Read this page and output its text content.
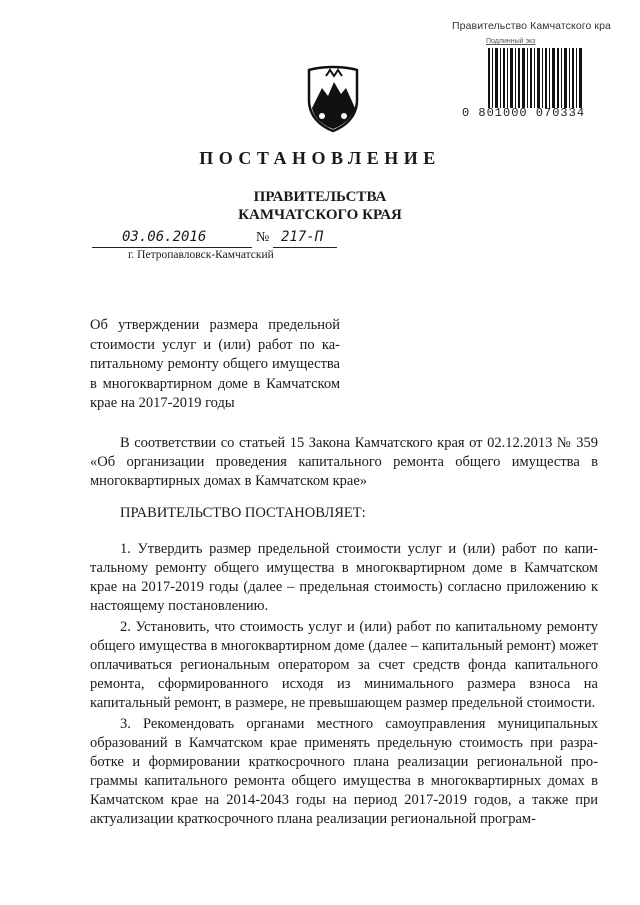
Правительство Камчатского кра
Подлинный экз
0 801000 070334
ПОСТАНОВЛЕНИЕ
ПРАВИТЕЛЬСТВА
КАМЧАТСКОГО КРАЯ
03.06.2016	№ 217-П
г. Петропавловск-Камчатский
Об утверждении размера предельной стоимости услуг и (или) работ по капитальному ремонту общего имущества в многоквартирном доме в Камчатском крае на 2017-2019 годы

В соответствии со статьей 15 Закона Камчатского края от 02.12.2013 № 359 «Об организации проведения капитального ремонта общего имущества в многоквартирных домах в Камчатском крае»

ПРАВИТЕЛЬСТВО ПОСТАНОВЛЯЕТ:

1. Утвердить размер предельной стоимости услуг и (или) работ по капитальному ремонту общего имущества в многоквартирном доме в Камчатском крае на 2017-2019 годы (далее – предельная стоимость) согласно приложению к настоящему постановлению.

2. Установить, что стоимость услуг и (или) работ по капитальному ремонту общего имущества в многоквартирном доме (далее – капитальный ремонт) может оплачиваться региональным оператором за счет средств фонда капитального ремонта, сформированного исходя из минимального размера взноса на капитальный ремонт, в размере, не превышающем размер предельной стоимости.

3. Рекомендовать органами местного самоуправления муниципальных образований в Камчатском крае применять предельную стоимость при разработке и формировании краткосрочного плана реализации региональной программы капитального ремонта общего имущества в многоквартирных домах в Камчатском крае на 2014-2043 годы на период 2017-2019 годов, а также при актуализации краткосрочного плана реализации региональной програм-
